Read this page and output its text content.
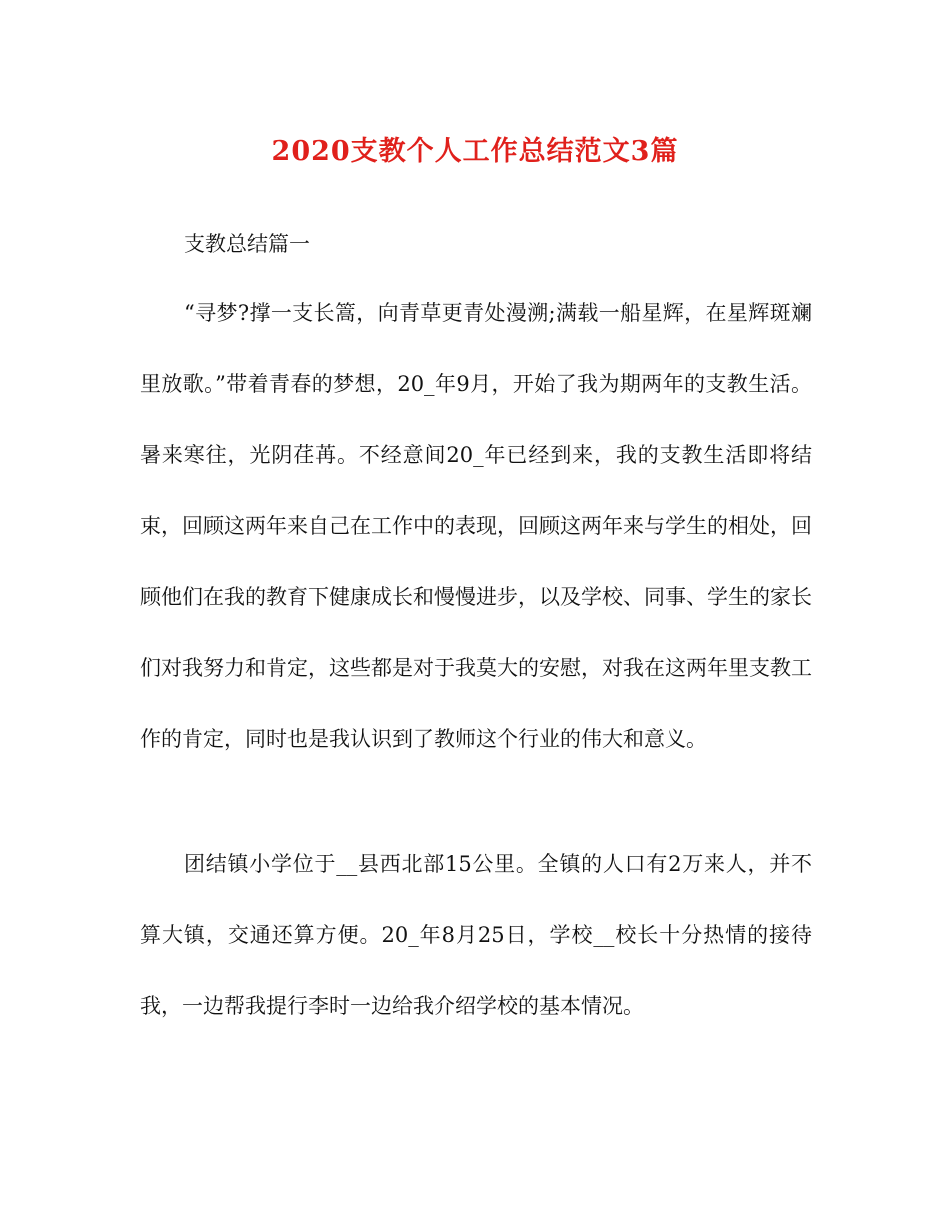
2020支教个人工作总结范文3篇

支教总结篇一

“寻梦?撑一支长篙，向青草更青处漫溯;满载一船星辉，在星辉斑斓里放歌。”带着青春的梦想，20_年9月，开始了我为期两年的支教生活。暑来寒往，光阴荏苒。不经意间20_年已经到来，我的支教生活即将结束，回顾这两年来自己在工作中的表现，回顾这两年来与学生的相处，回顾他们在我的教育下健康成长和慢慢进步，以及学校、同事、学生的家长们对我努力和肯定，这些都是对于我莫大的安慰，对我在这两年里支教工作的肯定，同时也是我认识到了教师这个行业的伟大和意义。

团结镇小学位于__县西北部15公里。全镇的人口有2万来人，并不算大镇，交通还算方便。20_年8月25日，学校__校长十分热情的接待我，一边帮我提行李时一边给我介绍学校的基本情况。
